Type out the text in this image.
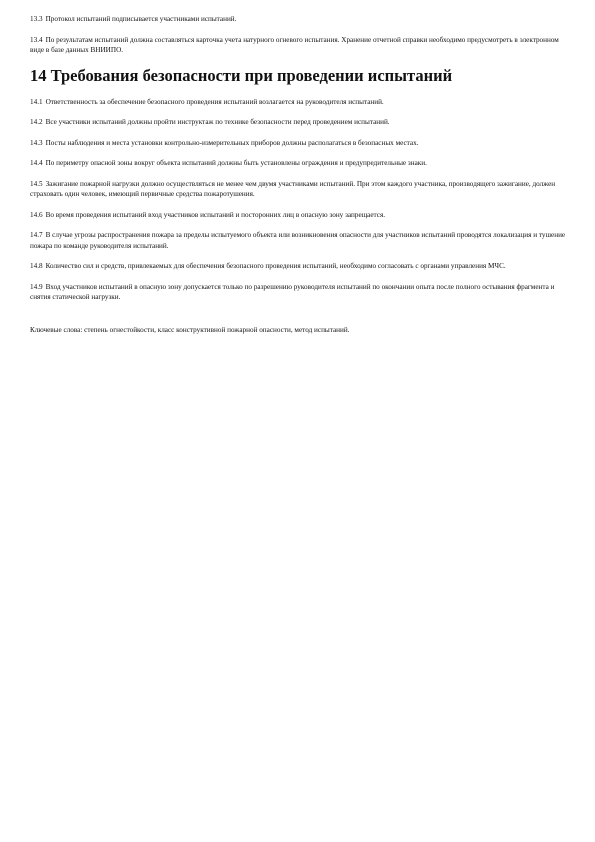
13.3 Протокол испытаний подписывается участниками испытаний.

13.4 По результатам испытаний должна составляться карточка учета натурного огневого испытания. Хранение отчетной справки необходимо предусмотреть в электронном виде в базе данных ВНИИПО.

14 Требования безопасности при проведении испытаний

14.1 Ответственность за обеспечение безопасного проведения испытаний возлагается на руководителя испытаний.

14.2 Все участники испытаний должны пройти инструктаж по технике безопасности перед проведением испытаний.

14.3 Посты наблюдения и места установки контрольно-измерительных приборов должны располагаться в безопасных местах.

14.4 По периметру опасной зоны вокруг объекта испытаний должны быть установлены ограждения и предупредительные знаки.

14.5 Зажигание пожарной нагрузки должно осуществляться не менее чем двумя участниками испытаний. При этом каждого участника, производящего зажигание, должен страховать один человек, имеющий первичные средства пожаротушения.

14.6 Во время проведения испытаний вход участников испытаний и посторонних лиц в опасную зону запрещается.

14.7 В случае угрозы распространения пожара за пределы испытуемого объекта или возникновения опасности для участников испытаний проводятся локализация и тушение пожара по команде руководителя испытаний.

14.8 Количество сил и средств, привлекаемых для обеспечения безопасного проведения испытаний, необходимо согласовать с органами управления МЧС.

14.9 Вход участников испытаний в опасную зону допускается только по разрешению руководителя испытаний по окончании опыта после полного остывания фрагмента и снятия статической нагрузки.

Ключевые слова: степень огнестойкости, класс конструктивной пожарной опасности, метод испытаний.
